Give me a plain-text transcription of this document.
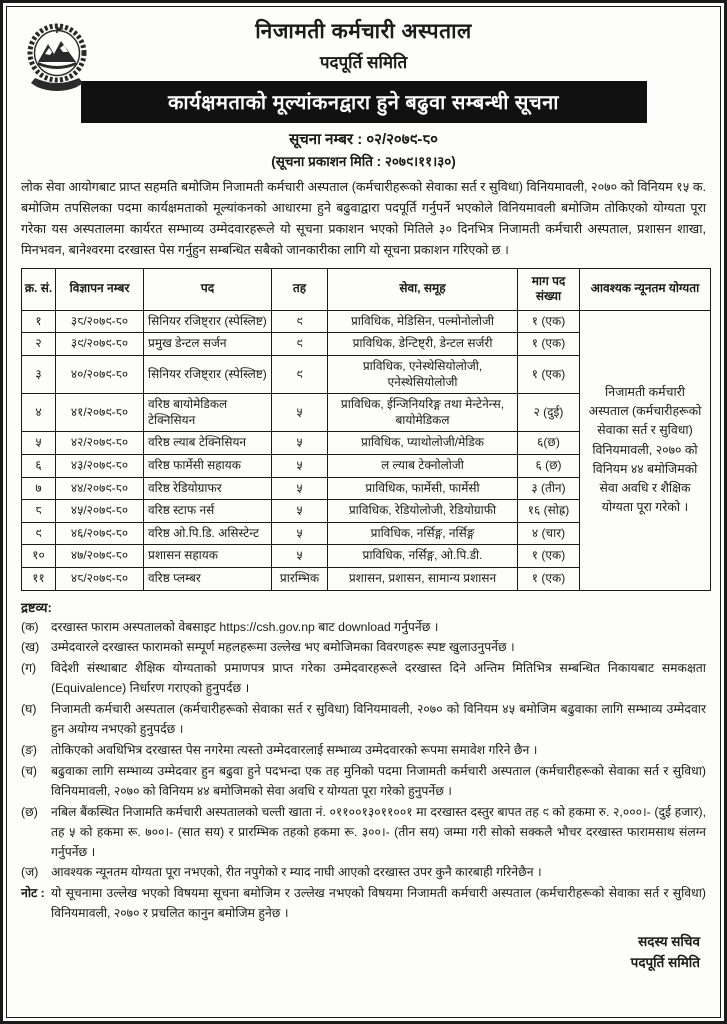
निजामती कर्मचारी अस्पताल
पदपूर्ति समिति
कार्यक्षमताको मूल्यांकनद्वारा हुने बढुवा सम्बन्धी सूचना
सूचना नम्बर : ०२/२०७९-८०
(सूचना प्रकाशन मिति : २०७९।११।३०)

लोक सेवा आयोगबाट प्राप्त सहमति बमोजिम निजामती कर्मचारी अस्पताल (कर्मचारीहरूको सेवाका सर्त र सुविधा) विनियमावली, २०७० को विनियम १५ क. बमोजिम तपसिलका पदमा कार्यक्षमताको मूल्यांकनको आधारमा हुने बढुवाद्वारा पदपूर्ति गर्नुपर्ने भएकोले विनियमावली बमोजिम तोकिएको योग्यता पूरा गरेका यस अस्पतालमा कार्यरत सम्भाव्य उम्मेदवारहरूले यो सूचना प्रकाशन भएको मितिले ३० दिनभित्र निजामती कर्मचारी अस्पताल, प्रशासन शाखा, मिनभवन, बानेश्वरमा दरखास्त पेस गर्नुहुन सम्बन्धित सबैको जानकारीका लागि यो सूचना प्रकाशन गरिएको छ ।

क्र. सं.	विज्ञापन नम्बर	पद	तह	सेवा, समूह	माग पद संख्या	आवश्यक न्यूनतम योग्यता
१	३८/२०७९-८०	सिनियर रजिष्ट्रार (स्पेस्लिष्ट)	९	प्राविधिक, मेडिसिन, पल्मोनोलोजी	१ (एक)	निजामती कर्मचारी अस्पताल (कर्मचारीहरूको सेवाका सर्त र सुविधा) विनियमावली, २०७० को विनियम ४४ बमोजिमको सेवा अवधि र शैक्षिक योग्यता पूरा गरेको ।
२	३९/२०७९-८०	प्रमुख डेन्टल सर्जन	९	प्राविधिक, डेन्टिष्ट्री, डेन्टल सर्जरी	१ (एक)	
३	४०/२०७९-८०	सिनियर रजिष्ट्रार (स्पेस्लिष्ट)	९	प्राविधिक, एनेस्थेसियोलोजी, एनेस्थेसियोलोजी	१ (एक)	
४	४१/२०७९-८०	वरिष्ठ बायोमेडिकल टेक्निसियन	५	प्राविधिक, ईन्जिनियरिङ्ग तथा मेन्टेनेन्स, बायोमेडिकल	२ (दुई)	
५	४२/२०७९-८०	वरिष्ठ ल्याब टेक्निसियन	५	प्राविधिक, प्याथोलोजी/मेडिक	६(छ)	
६	४३/२०७९-८०	वरिष्ठ फार्मेसी सहायक	५	ल ल्याब टेक्नोलोजी	६ (छ)	
७	४४/२०७९-८०	वरिष्ठ रेडियोग्राफर	५	प्राविधिक, फार्मेसी, फार्मेसी	३ (तीन)	
८	४५/२०७९-८०	वरिष्ठ स्टाफ नर्स	५	प्राविधिक, रेडियोलोजी, रेडियोग्राफी	१६ (सोह्र)	
९	४६/२०७९-८०	वरिष्ठ ओ.पि.डि. असिस्टेन्ट	५	प्राविधिक, नर्सिङ्ग, नर्सिङ्ग	४ (चार)	
१०	४७/२०७९-८०	प्रशासन सहायक	५	प्राविधिक, नर्सिङ्ग, ओ.पि.डी.	१ (एक)	
११	४८/२०७९-८०	वरिष्ठ प्लम्बर	प्रारम्भिक	प्रशासन, प्रशासन, सामान्य प्रशासन	१ (एक)	
द्रष्टव्य:
(क)	दरखास्त फाराम अस्पतालको वेबसाइट https://csh.gov.np बाट download गर्नुपर्नेछ ।
(ख) उम्मेदवारले दरखास्त फारामको सम्पूर्ण महलहरूमा उल्लेख भए बमोजिमका विवरणहरू स्पष्ट खुलाउनुपर्नेछ ।
(ग)	विदेशी संस्थाबाट शैक्षिक योग्यताको प्रमाणपत्र प्राप्त गरेका उम्मेदवारहरूले दरखास्त दिने अन्तिम मितिभित्र सम्बन्धित निकायबाट समकक्षता (Equivalence) निर्धारण गराएको हुनुपर्दछ ।
(घ)	निजामती कर्मचारी अस्पताल (कर्मचारीहरूको सेवाका सर्त र सुविधा) विनियमावली, २०७० को विनियम ४५ बमोजिम बढुवाका लागि सम्भाव्य उम्मेदवार हुन अयोग्य नभएको हुनुपर्दछ ।
(ङ)	तोकिएको अवधिभित्र दरखास्त पेस नगरेमा त्यस्तो उम्मेदवारलाई सम्भाव्य उम्मेदवारको रूपमा समावेश गरिने छैन ।
(च)	बढुवाका लागि सम्भाव्य उम्मेदवार हुन बढुवा हुने पदभन्दा एक तह मुनिको पदमा निजामती कर्मचारी अस्पताल (कर्मचारीहरूको सेवाका सर्त र सुविधा) विनियमावली, २०७० को विनियम ४४ बमोजिमको सेवा अवधि र योग्यता पूरा गरेको हुनुपर्नेछ ।
(छ)	नबिल बैंकस्थित निजामति कर्मचारी अस्पतालको चल्ती खाता नं. ०११००१३०११००१ मा दरखास्त दस्तुर बापत तह ९ को हकमा रु. २,०००।- (दुई हजार), तह ५ को हकमा रू. ७००।- (सात सय) र प्रारम्भिक तहको हकमा रू. ३००।- (तीन सय) जम्मा गरी सोको सक्कलै भौचर दरखास्त फारामसाथ संलग्न गर्नुपर्नेछ ।
(ज)	आवश्यक न्यूनतम योग्यता पूरा नभएको, रीत नपुगेको र म्याद नाघी आएको दरखास्त उपर कुनै कारबाही गरिनेछैन ।
नोट : यो सूचनामा उल्लेख भएको विषयमा सूचना बमोजिम र उल्लेख नभएको विषयमा निजामती कर्मचारी अस्पताल (कर्मचारीहरूको सेवाका सर्त र सुविधा) विनियमावली, २०७० र प्रचलित कानुन बमोजिम हुनेछ ।
सदस्य सचिव
पदपूर्ति समिति
